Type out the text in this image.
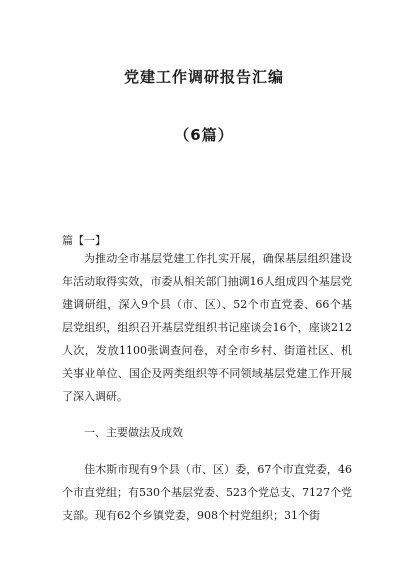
党建工作调研报告汇编
（6篇）

篇【一】

为推动全市基层党建工作扎实开展，确保基层组织建设年活动取得实效，市委从相关部门抽调16人组成四个基层党建调研组，深入9个县（市、区）、52个市直党委、66个基层党组织，组织召开基层党组织书记座谈会16个，座谈212人次，发放1100张调查问卷，对全市乡村、街道社区、机关事业单位、国企及两类组织等不同领域基层党建工作开展了深入调研。

一、主要做法及成效

佳木斯市现有9个县（市、区）委，67个市直党委，46个市直党组；有530个基层党委、523个党总支、7127个党支部。现有62个乡镇党委，908个村党组织；31个街
